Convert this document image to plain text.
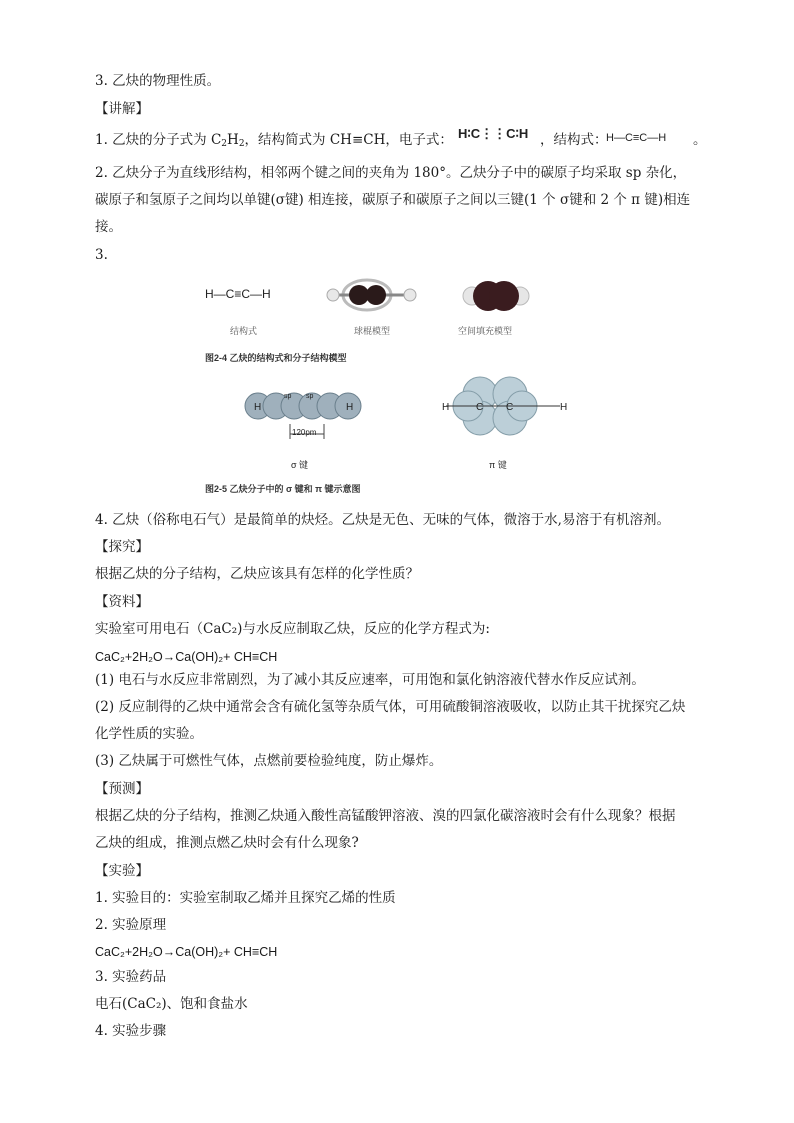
3. 乙炔的物理性质。
【讲解】
1. 乙炔的分子式为 $C_2H_2$，结构简式为 CH≡CH，电子式： H∶C⋮⋮C∶H ，结构式：
H—C≡C—H 。
2. 乙炔分子为直线形结构，相邻两个键之间的夹角为 180°。乙炔分子中的碳原子均采取 sp 杂化，
碳原子和氢原子之间均以单键(σ键) 相连接，碳原子和碳原子之间以三键(1 个 σ键和 2 个 π 键)相连
接。
3.
H—C≡C—H
结构式	球棍模型	空间填充模型
图2-4 乙炔的结构式和分子结构模型
H	H
sp sp
120pm
H	H
C C
σ 键	π 键
图2-5 乙炔分子中的 σ 键和 π 键示意图
4. 乙炔（俗称电石气）是最简单的炔烃。乙炔是无色、无味的气体，微溶于水,易溶于有机溶剂。
【探究】
根据乙炔的分子结构，乙炔应该具有怎样的化学性质？
【资料】
实验室可用电石（CaC₂)与水反应制取乙炔，反应的化学方程式为:
CaC₂+2H₂O→Ca(OH)₂+ CH≡CH
(1) 电石与水反应非常剧烈，为了减小其反应速率，可用饱和氯化钠溶液代替水作反应试剂。
(2) 反应制得的乙炔中通常会含有硫化氢等杂质气体，可用硫酸铜溶液吸收，以防止其干扰探究乙炔
化学性质的实验。
(3) 乙炔属于可燃性气体，点燃前要检验纯度，防止爆炸。
【预测】
根据乙炔的分子结构，推测乙炔通入酸性高锰酸钾溶液、溴的四氯化碳溶液时会有什么现象？根据
乙炔的组成，推测点燃乙炔时会有什么现象?
【实验】
1. 实验目的：实验室制取乙烯并且探究乙烯的性质
2. 实验原理
CaC₂+2H₂O→Ca(OH)₂+ CH≡CH
3. 实验药品
电石(CaC₂)、饱和食盐水
4. 实验步骤
